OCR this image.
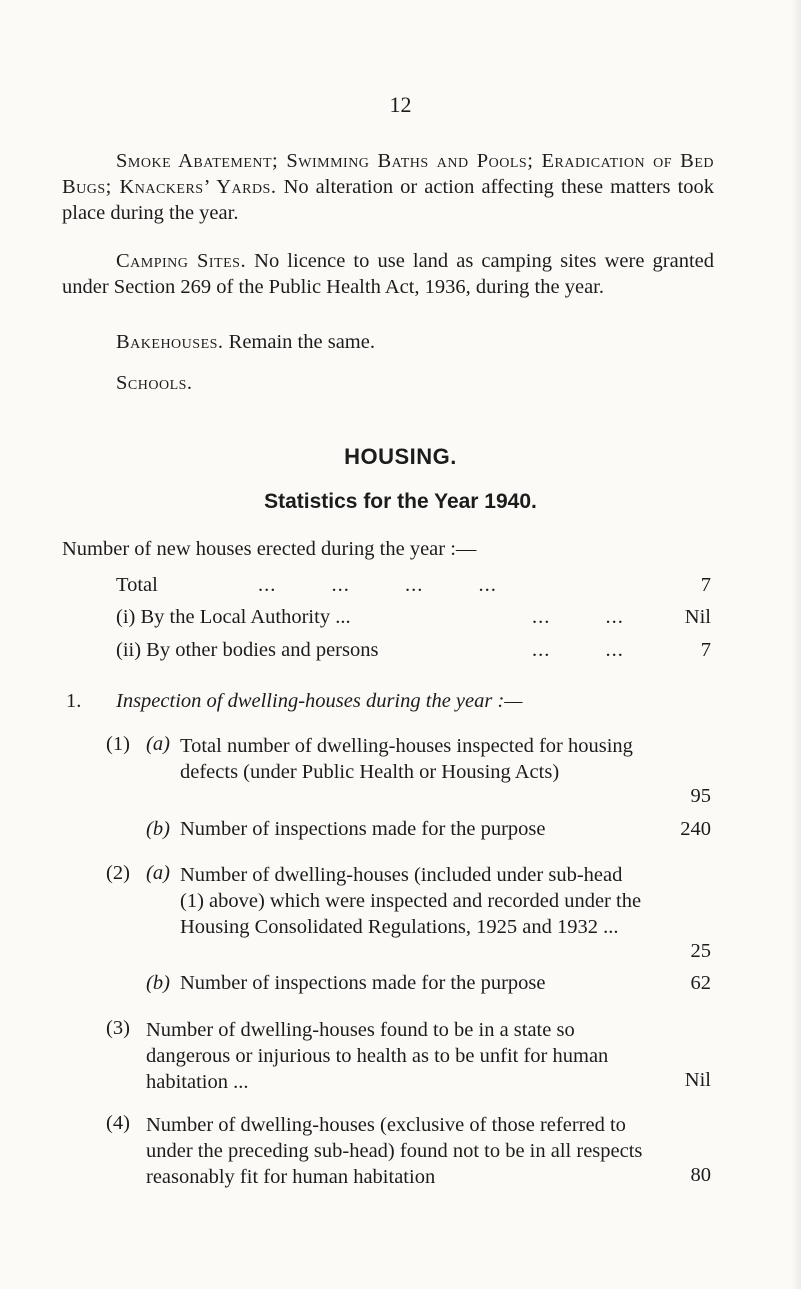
12
Smoke Abatement; Swimming Baths and Pools; Eradication of Bed Bugs; Knackers’ Yards. No alteration or action affecting these matters took place during the year.
Camping Sites. No licence to use land as camping sites were granted under Section 269 of the Public Health Act, 1936, during the year.
Bakehouses. Remain the same.
Schools.
HOUSING.
Statistics for the Year 1940.
Number of new houses erected during the year :—
Total	...         ...         ...         ...	7
(i) By the Local Authority ...	...         ...	Nil
(ii) By other bodies and persons	...         ...	7
1. Inspection of dwelling-houses during the year :—
(1) (a) Total number of dwelling-houses inspected for housing defects (under Public Health or Housing Acts)
95
(b) Number of inspections made for the purpose	240
(2) (a) Number of dwelling-houses (included under sub-head (1) above) which were inspected and recorded under the Housing Consolidated Regulations, 1925 and 1932 ...
25
(b) Number of inspections made for the purpose	62
(3) Number of dwelling-houses found to be in a state so dangerous or injurious to health as to be unfit for human habitation ...	Nil
(4) Number of dwelling-houses (exclusive of those referred to under the preceding sub-head) found not to be in all respects reasonably fit for human habitation	80
